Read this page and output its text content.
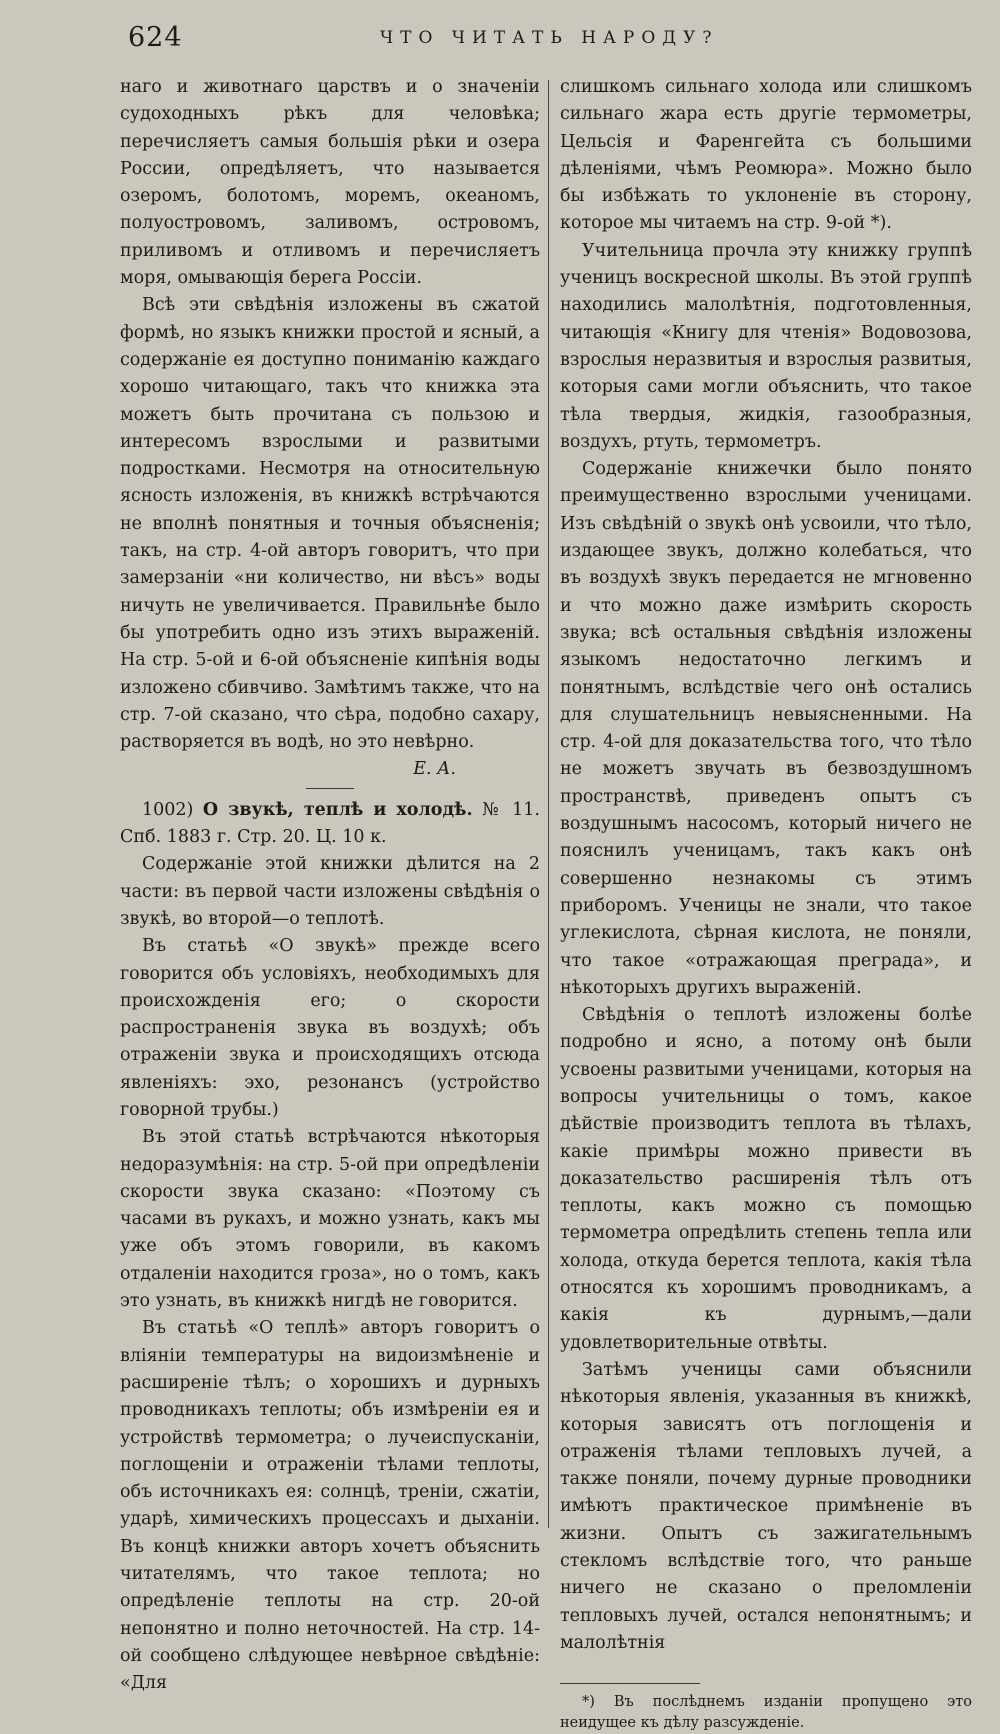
624	ЧТО ЧИТАТЬ НАРОДУ?

наго и животнаго царствъ и о значеніи судоходныхъ рѣкъ для человѣка; перечисляетъ самыя большія рѣки и озера России, опредѣляетъ, что называется озеромъ, болотомъ, моремъ, океаномъ, полуостровомъ, заливомъ, островомъ, приливомъ и отливомъ и перечисляетъ моря, омывающія берега Россіи.

Всѣ эти свѣдѣнія изложены въ сжатой формѣ, но языкъ книжки простой и ясный, а содержаніе ея доступно пониманію каждаго хорошо читающаго, такъ что книжка эта можетъ быть прочитана съ пользою и интересомъ взрослыми и развитыми подростками. Несмотря на относительную ясность изложенія, въ книжкѣ встрѣчаются не вполнѣ понятныя и точныя объясненія; такъ, на стр. 4-ой авторъ говоритъ, что при замерзаніи «ни количество, ни вѣсъ» воды ничуть не увеличивается. Правильнѣе было бы употребить одно изъ этихъ выраженій. На стр. 5-ой и 6-ой объясненіе кипѣнія воды изложено сбивчиво. Замѣтимъ также, что на стр. 7-ой сказано, что сѣра, подобно сахару, растворяется въ водѣ, но это невѣрно.

Е. А.

1002) О звукѣ, теплѣ и холодѣ. № 11. Спб. 1883 г. Стр. 20. Ц. 10 к.

Содержаніе этой книжки дѣлится на 2 части: въ первой части изложены свѣдѣнія о звукѣ, во второй—о теплотѣ.

Въ статьѣ «О звукѣ» прежде всего говорится объ условіяхъ, необходимыхъ для происхожденія его; о скорости распространенія звука въ воздухѣ; объ отраженіи звука и происходящихъ отсюда явленіяхъ: эхо, резонансъ (устройство говорной трубы.)

Въ этой статьѣ встрѣчаются нѣкоторыя недоразумѣнія: на стр. 5-ой при опредѣленіи скорости звука сказано: «Поэтому съ часами въ рукахъ, и можно узнать, какъ мы уже объ этомъ говорили, въ какомъ отдаленіи находится гроза», но о томъ, какъ это узнать, въ книжкѣ нигдѣ не говорится.

Въ статьѣ «О теплѣ» авторъ говоритъ о вліяніи температуры на видоизмѣненіе и расширеніе тѣлъ; о хорошихъ и дурныхъ проводникахъ теплоты; объ измѣреніи ея и устройствѣ термометра; о лучеиспусканіи, поглощеніи и отраженіи тѣлами теплоты, объ источникахъ ея: солнцѣ, треніи, сжатіи, ударѣ, химическихъ процессахъ и дыханіи. Въ концѣ книжки авторъ хочетъ объяснить читателямъ, что такое теплота; но опредѣленіе теплоты на стр. 20-ой непонятно и полно неточностей. На стр. 14-ой сообщено слѣдующее невѣрное свѣдѣніе: «Для

слишкомъ сильнаго холода или слишкомъ сильнаго жара есть другіе термометры, Цельсія и Фаренгейта съ большими дѣленіями, чѣмъ Реомюра». Можно было бы избѣжать то уклоненіе въ сторону, которое мы читаемъ на стр. 9-ой *).

Учительница прочла эту книжку группѣ ученицъ воскресной школы. Въ этой группѣ находились малолѣтнія, подготовленныя, читающія «Книгу для чтенія» Водовозова, взрослыя неразвитыя и взрослыя развитыя, которыя сами могли объяснить, что такое тѣла твердыя, жидкія, газообразныя, воздухъ, ртуть, термометръ.

Содержаніе книжечки было понято преимущественно взрослыми ученицами. Изъ свѣдѣній о звукѣ онѣ усвоили, что тѣло, издающее звукъ, должно колебаться, что въ воздухѣ звукъ передается не мгновенно и что можно даже измѣрить скорость звука; всѣ остальныя свѣдѣнія изложены языкомъ недостаточно легкимъ и понятнымъ, вслѣдствіе чего онѣ остались для слушательницъ невыясненными. На стр. 4-ой для доказательства того, что тѣло не можетъ звучать въ безвоздушномъ пространствѣ, приведенъ опытъ съ воздушнымъ насосомъ, который ничего не пояснилъ ученицамъ, такъ какъ онѣ совершенно незнакомы съ этимъ приборомъ. Ученицы не знали, что такое углекислота, сѣрная кислота, не поняли, что такое «отражающая преграда», и нѣкоторыхъ другихъ выраженій.

Свѣдѣнія о теплотѣ изложены болѣе подробно и ясно, а потому онѣ были усвоены развитыми ученицами, которыя на вопросы учительницы о томъ, какое дѣйствіе производитъ теплота въ тѣлахъ, какіе примѣры можно привести въ доказательство расширенія тѣлъ отъ теплоты, какъ можно съ помощью термометра опредѣлить степень тепла или холода, откуда берется теплота, какія тѣла относятся къ хорошимъ проводникамъ, а какія къ дурнымъ,—дали удовлетворительные отвѣты.

Затѣмъ ученицы сами объяснили нѣкоторыя явленія, указанныя въ книжкѣ, которыя зависятъ отъ поглощенія и отраженія тѣлами тепловыхъ лучей, а также поняли, почему дурные проводники имѣютъ практическое примѣненіе въ жизни. Опытъ съ зажигательнымъ стекломъ вслѣдствіе того, что раньше ничего не сказано о преломленіи тепловыхъ лучей, остался непонятнымъ; и малолѣтнія

*) Въ послѣднемъ изданіи пропущено это неидущее къ дѣлу разсужденіе.
